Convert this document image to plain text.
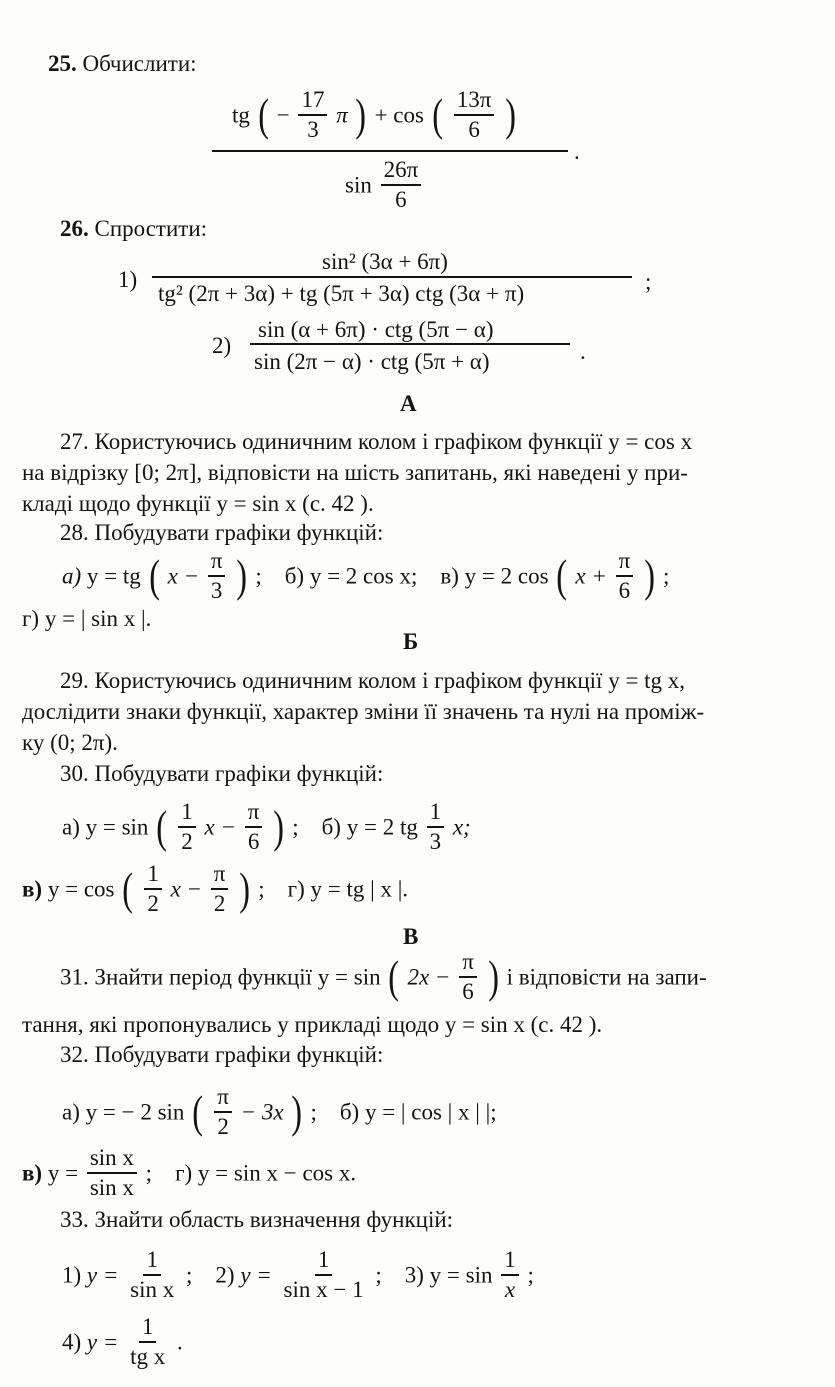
25. Обчислити:
tg ( − $\frac{17}{3}$ π ) + cos ( $\frac{13\pi}{6}$ )
.
$\sin \frac{26\pi}{6}$
26. Спростити:
1)
sin² (3α + 6π)
tg² (2π + 3α) + tg (5π + 3α) ctg (3α + π)	;
2)
sin (α + 6π) · ctg (5π − α)
sin (2π − α) · ctg (5π + α)	.
A
27. Користуючись одиничним колом і графіком функції y = cos x
на відрізку [0; 2π], відповісти на шість запитань, які наведені у при-
кладі щодо функції y = sin x (с. 42 ).
28. Побудувати графіки функцій:
а) y = tg ( $x - \frac{\pi}{3}$ ) ; б) y = 2 cos x; в) y = 2 cos ( $x + \frac{\pi}{6}$ ) ;
г) y = | sin x |.
Б
29. Користуючись одиничним колом і графіком функції y = tg x,
дослідити знаки функції, характер зміни її значень та нулі на проміж-
ку (0; 2π).
30. Побудувати графіки функцій:
а) y = sin ( $\frac{1}{2}$ $x - \frac{\pi}{6}$ ) ; б) y = 2 tg $\frac{1}{3} x$;
в) y = cos ( $\frac{1}{2}$ $x - \frac{\pi}{2}$ ) ; г) y = tg | x |.
В
31. Знайти період функції y = sin ( $2x - \frac{\pi}{6}$ ) і відповісти на запи-
тання, які пропонувались у прикладі щодо y = sin x (с. 42 ).
32. Побудувати графіки функцій:
а) y = − 2 sin ( $\frac{\pi}{2} - 3x$ ) ; б) y = | cos | x | |;
в) $y = \frac{\text{sin x}}{\text{sin x}}$ ; г) y = sin x − cos x.
33. Знайти область визначення функцій:
1) $y = \frac{1}{\text{sin x}}$ ; 2) $y = \frac{1}{\text{sin x − 1}}$ ; 3) $y = \sin \frac{1}{x}$ ;
4) $y = \frac{1}{\text{tg x}}$ .
